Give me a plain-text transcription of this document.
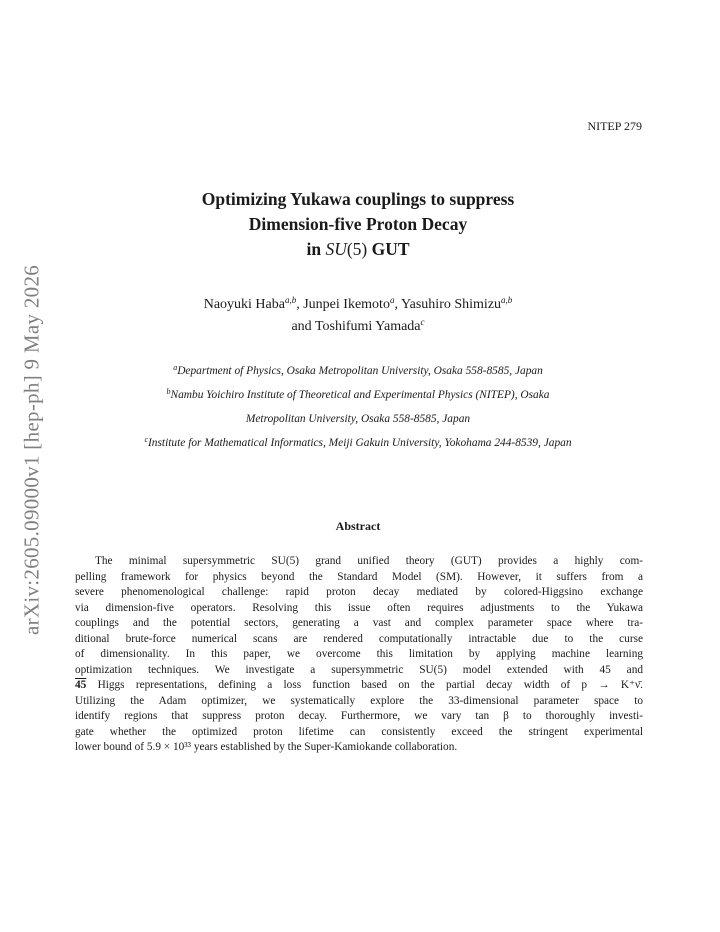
NITEP 279
arXiv:2605.09000v1 [hep-ph] 9 May 2026
Optimizing Yukawa couplings to suppress
Dimension-five Proton Decay
in SU(5) GUT
Naoyuki Haba$^{a,b}$, Junpei Ikemoto$^a$, Yasuhiro Shimizu$^{a,b}$
and Toshifumi Yamada$^c$
$^a$Department of Physics, Osaka Metropolitan University, Osaka 558-8585, Japan
$^b$Nambu Yoichiro Institute of Theoretical and Experimental Physics (NITEP), Osaka
Metropolitan University, Osaka 558-8585, Japan
$^c$Institute for Mathematical Informatics, Meiji Gakuin University, Yokohama 244-8539, Japan
Abstract
The minimal supersymmetric SU(5) grand unified theory (GUT) provides a highly com-
pelling framework for physics beyond the Standard Model (SM). However, it suffers from a
severe phenomenological challenge: rapid proton decay mediated by colored-Higgsino exchange
via dimension-five operators. Resolving this issue often requires adjustments to the Yukawa
couplings and the potential sectors, generating a vast and complex parameter space where tra-
ditional brute-force numerical scans are rendered computationally intractable due to the curse
of dimensionality. In this paper, we overcome this limitation by applying machine learning
optimization techniques. We investigate a supersymmetric SU(5) model extended with 45 and
45 Higgs representations, defining a loss function based on the partial decay width of p → K⁺ν̄.
Utilizing the Adam optimizer, we systematically explore the 33-dimensional parameter space to
identify regions that suppress proton decay. Furthermore, we vary tan β to thoroughly investi-
gate whether the optimized proton lifetime can consistently exceed the stringent experimental
lower bound of 5.9 × 10³³ years established by the Super-Kamiokande collaboration.
